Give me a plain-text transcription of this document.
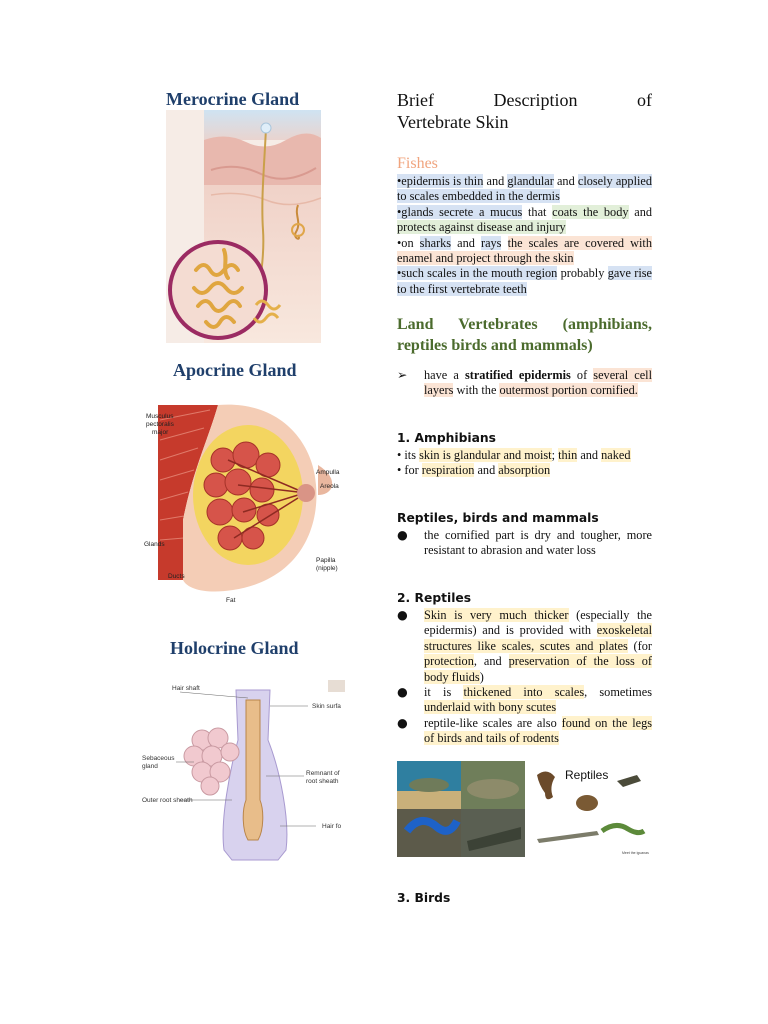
Merocrine Gland
Apocrine Gland
Musculus
pectoralis
major
Ampulla
Areola
Glands
Ducts
Papilla
(nipple)
Fat
Holocrine Gland
Hair shaft
Skin surfa
Sebaceous
gland
Remnant of
root sheath
Outer root sheath
Hair fo
Brief	Description	of
Vertebrate Skin
Fishes
•epidermis is thin and glandular and closely applied to scales embedded in the dermis
•glands secrete a mucus that coats the body and protects against disease and injury
•on sharks and rays the scales are covered with enamel and project through the skin
•such scales in the mouth region probably gave rise to the first vertebrate teeth
Land Vertebrates (amphibians, reptiles birds and mammals)
➢	have a stratified epidermis of several cell layers with the outermost portion cornified.
1. Amphibians
• its skin is glandular and moist; thin and naked
• for respiration and absorption
Reptiles, birds and mammals
●	the cornified part is dry and tougher, more resistant to abrasion and water loss
2. Reptiles
●	Skin is very much thicker (especially the epidermis) and is provided with exoskeletal structures like scales, scutes and plates (for protection, and preservation of the loss of body fluids)
●	it is thickened into scales, sometimes underlaid with bony scutes
●	reptile-like scales are also found on the legs of birds and tails of rodents
Reptiles
Meet the iguanas
3. Birds
